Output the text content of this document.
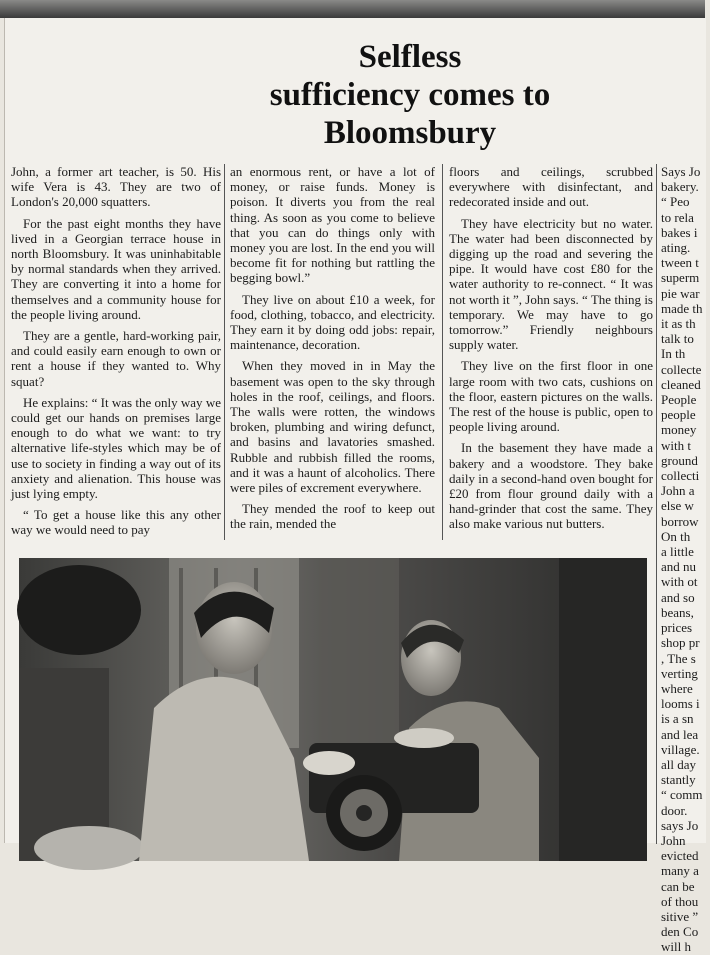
Selfless
sufficiency comes to
Bloomsbury

John, a former art teacher, is 50. His wife Vera is 43. They are two of London's 20,000 squatters.

For the past eight months they have lived in a Georgian terrace house in north Bloomsbury. It was uninhabitable by normal standards when they arrived. They are converting it into a home for themselves and a community house for the people living around.

They are a gentle, hard-working pair, and could easily earn enough to own or rent a house if they wanted to. Why squat?

He explains: “ It was the only way we could get our hands on premises large enough to do what we want: to try alternative life-styles which may be of use to society in finding a way out of its anxiety and alienation. This house was just lying empty.

“ To get a house like this any other way we would need to pay

an enormous rent, or have a lot of money, or raise funds. Money is poison. It diverts you from the real thing. As soon as you come to believe that you can do things only with money you are lost. In the end you will become fit for nothing but rattling the begging bowl.”

They live on about £10 a week, for food, clothing, tobacco, and electricity. They earn it by doing odd jobs: repair, maintenance, decoration.

When they moved in in May the basement was open to the sky through holes in the roof, ceilings, and floors. The walls were rotten, the windows broken, plumbing and wiring defunct, and basins and lavatories smashed. Rubble and rubbish filled the rooms, and it was a haunt of alcoholics. There were piles of excrement everywhere.

They mended the roof to keep out the rain, mended the

floors and ceilings, scrubbed everywhere with disinfectant, and redecorated inside and out.

They have electricity but no water. The water had been disconnected by digging up the road and severing the pipe. It would have cost £80 for the water authority to re-connect. “ It was not worth it ”, John says. “ The thing is temporary. We may have to go tomorrow.” Friendly neighbours supply water.

They live on the first floor in one large room with two cats, cushions on the floor, eastern pictures on the walls. The rest of the house is public, open to people living around.

In the basement they have made a bakery and a woodstore. They bake daily in a second-hand oven bought for £20 from flour ground daily with a hand-grinder that cost the same. They also make various nut butters.

Says Jo
bakery.
“ Peo
to rela
bakes i
ating.
tween t
superm
pie war
made th
it as th
talk to
In th
collecte
cleaned
People
people
money
with t
ground
collecti
John a
else w
borrow
On th
a little
and nu
with ot
and so
beans,
prices
shop pr
, The s
verting
where
looms i
is a sn
and lea
village.
all day
stantly
“ comm
door.
says Jo
John
evicted
many a
can be
of thou
sitive ”
den Co
will h
